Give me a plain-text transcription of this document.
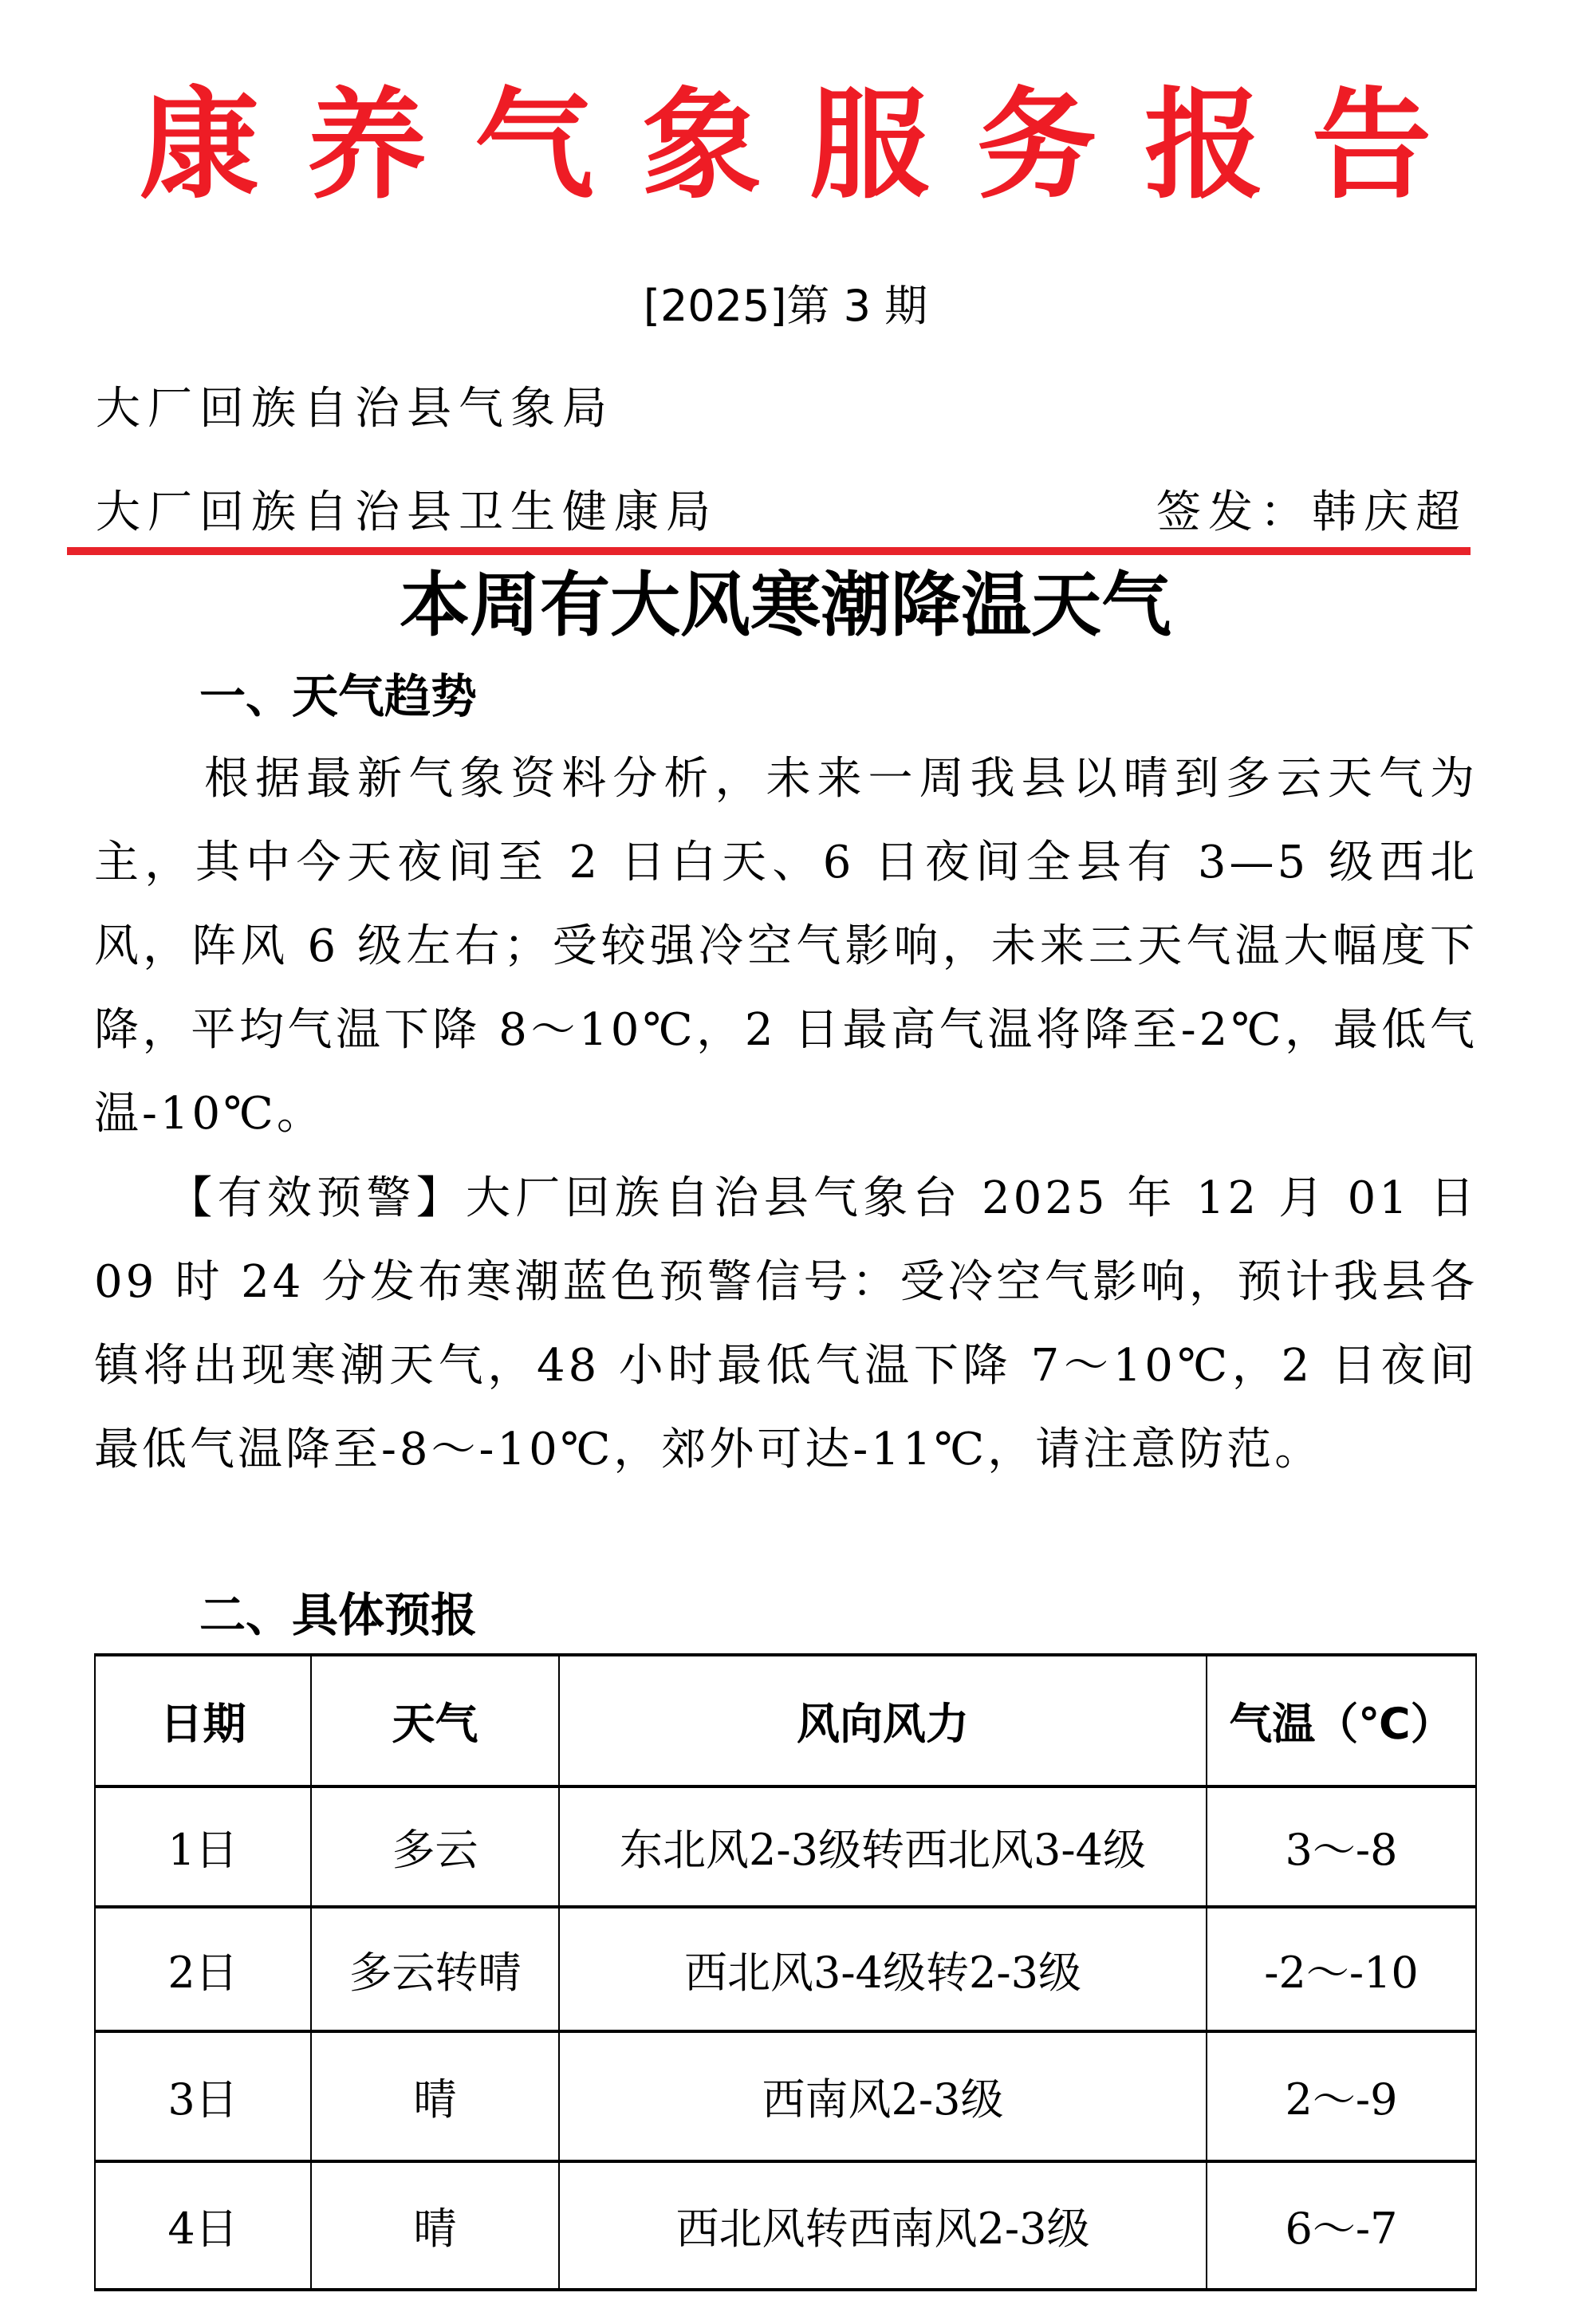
康养气象服务报告
[2025]第 3 期
大厂回族自治县气象局
大厂回族自治县卫生健康局	签发：韩庆超
本周有大风寒潮降温天气
一、天气趋势
根据最新气象资料分析，未来一周我县以晴到多云天气为主，其中今天夜间至 2 日白天、6 日夜间全县有 3—5 级西北风，阵风 6 级左右；受较强冷空气影响，未来三天气温大幅度下降，平均气温下降 8～10℃，2 日最高气温将降至-2℃，最低气温-10℃。
【有效预警】大厂回族自治县气象台 2025 年 12 月 01 日 09 时 24 分发布寒潮蓝色预警信号：受冷空气影响，预计我县各镇将出现寒潮天气，48 小时最低气温下降 7～10℃，2 日夜间最低气温降至-8～-10℃，郊外可达-11℃，请注意防范。
二、具体预报
日期	天气	风向风力	气温（℃）
1日	多云	东北风2-3级转西北风3-4级	3～-8
2日	多云转晴	西北风3-4级转2-3级	-2～-10
3日	晴	西南风2-3级	2～-9
4日	晴	西北风转西南风2-3级	6～-7
